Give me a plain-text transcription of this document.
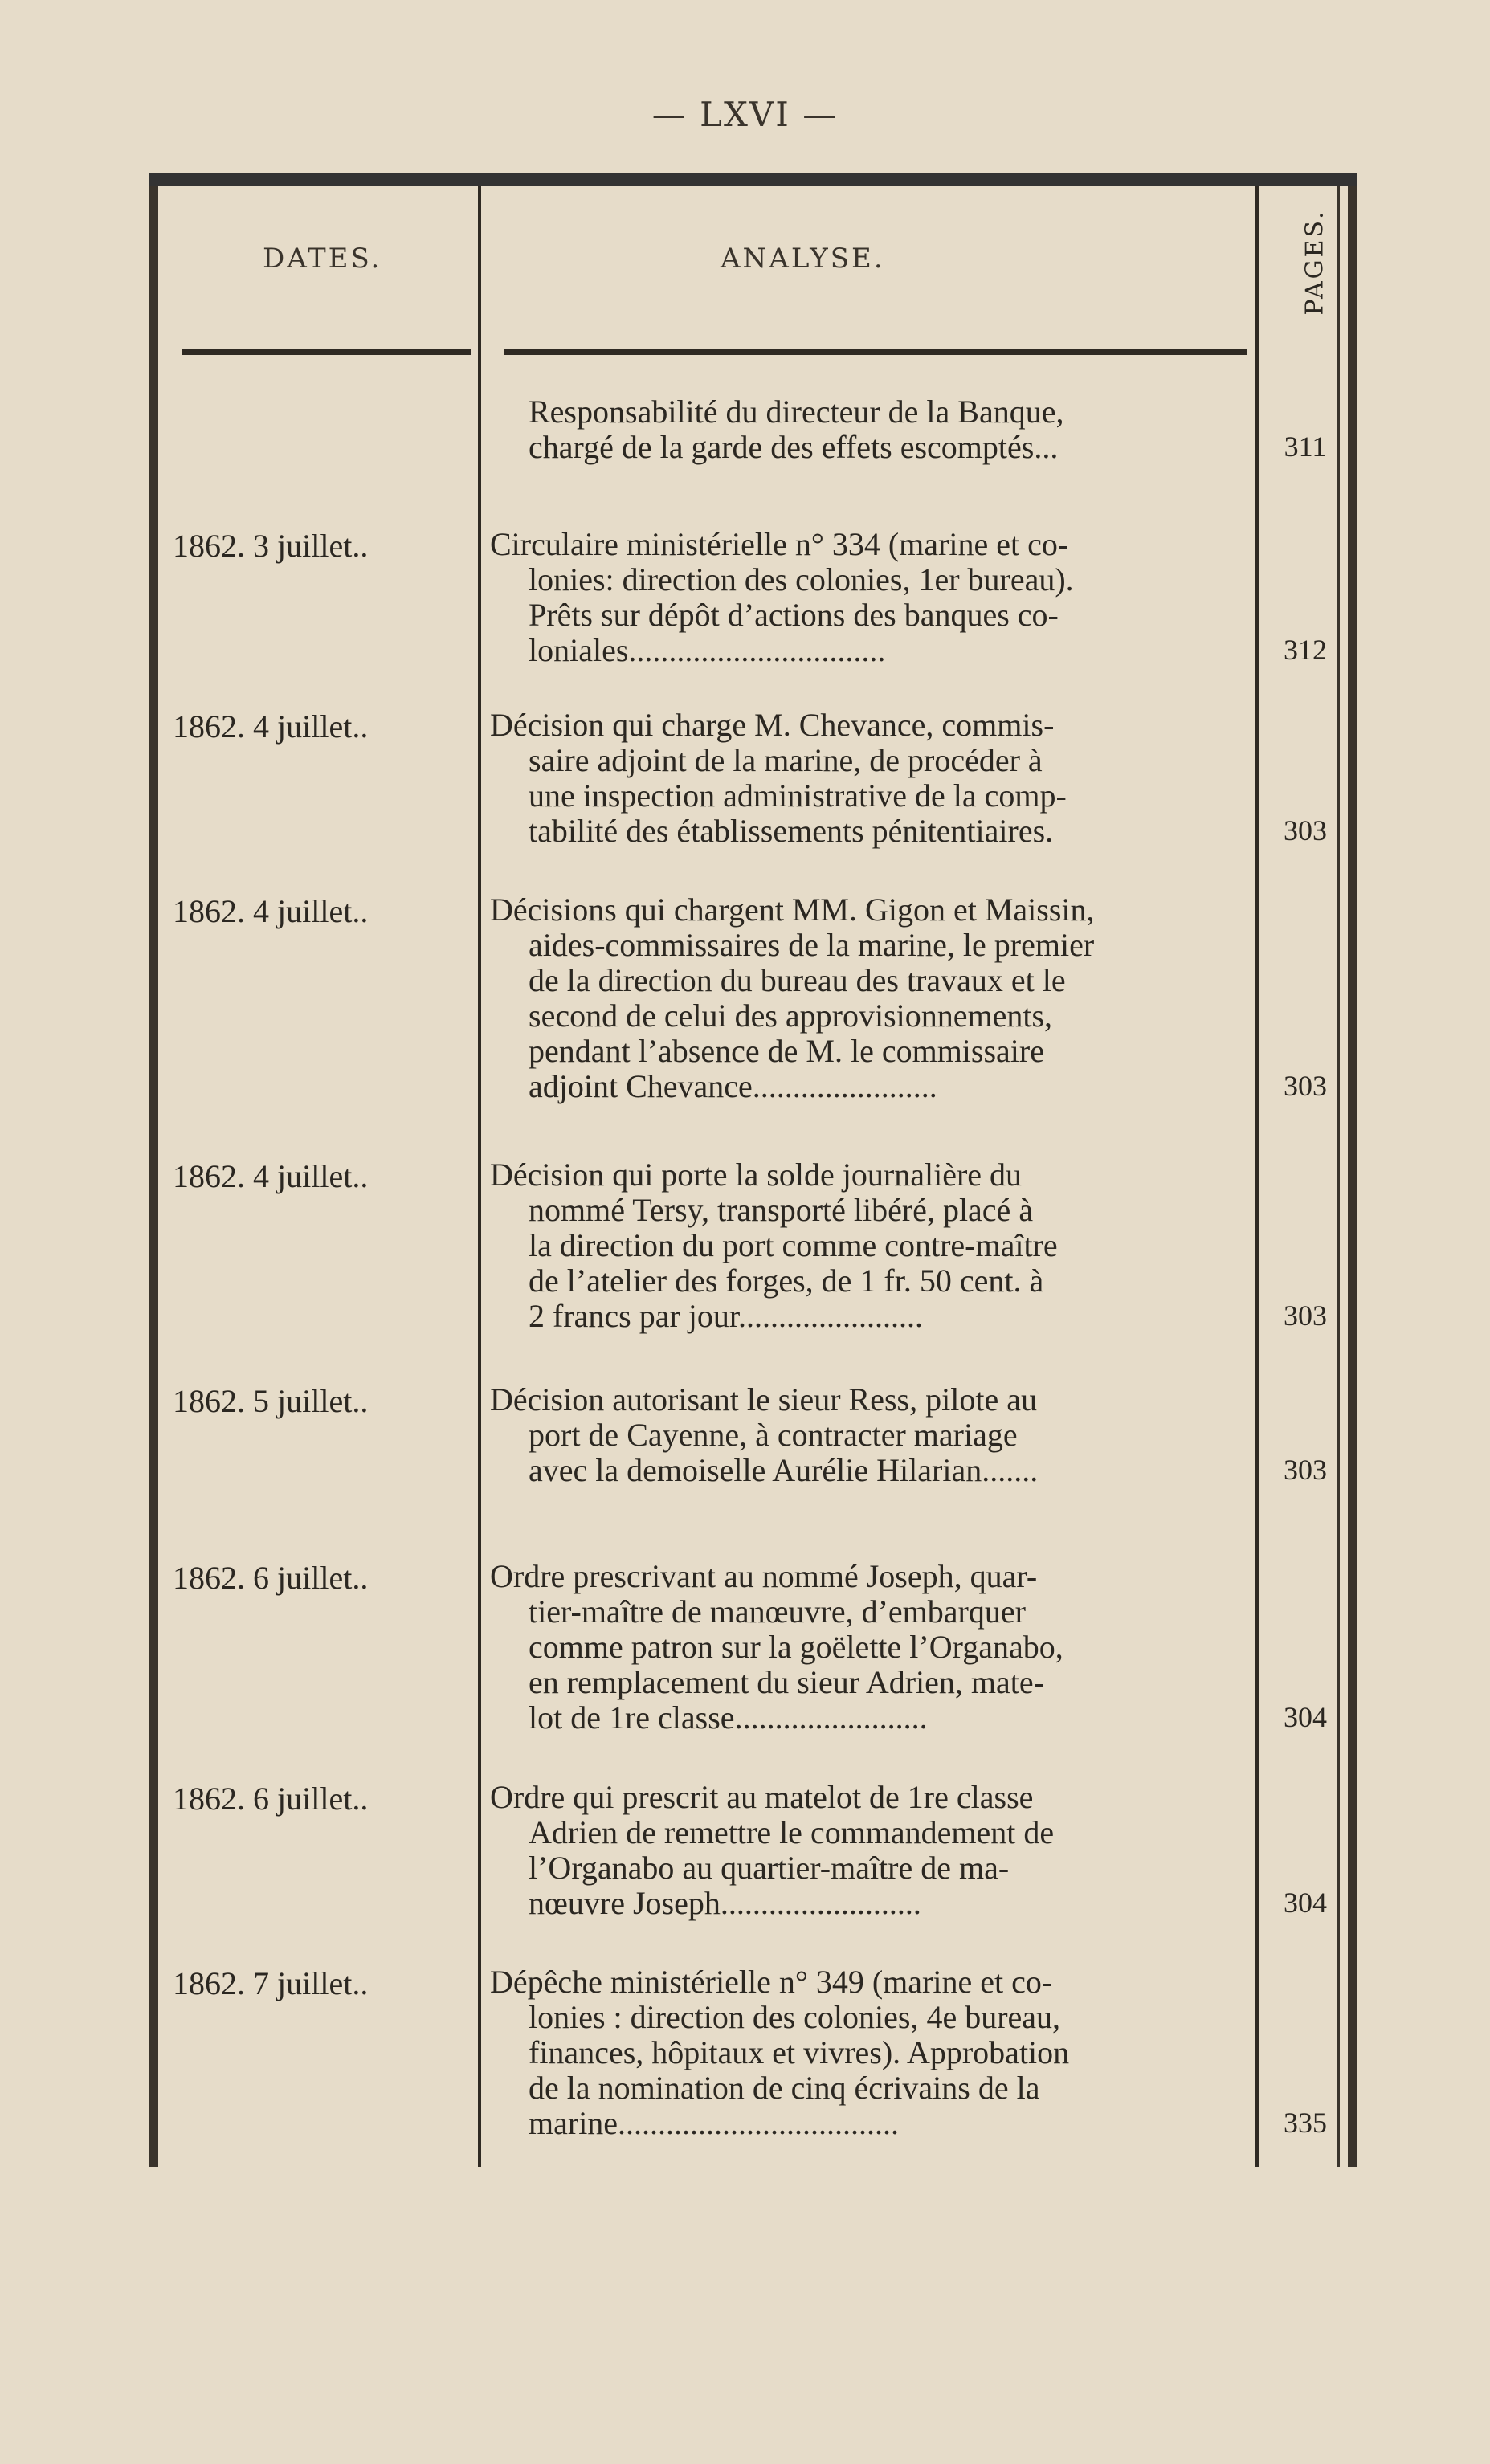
— LXVI —
DATES.	ANALYSE.	PAGES.

Responsabilité du directeur de la Banque,

chargé de la garde des effets escomptés...	311
1862. 3 juillet..	Circulaire ministérielle n° 334 (marine et co-

lonies: direction des colonies, 1er bureau).

Prêts sur dépôt d’actions des banques co-

loniales................................	312
1862. 4 juillet..	Décision qui charge M. Chevance, commis-

saire adjoint de la marine, de procéder à

une inspection administrative de la comp-

tabilité des établissements pénitentiaires.	303
1862. 4 juillet..	Décisions qui chargent MM. Gigon et Maissin,

aides-commissaires de la marine, le premier

de la direction du bureau des travaux et le

second de celui des approvisionnements,

pendant l’absence de M. le commissaire

adjoint Chevance.......................	303
1862. 4 juillet..	Décision qui porte la solde journalière du

nommé Tersy, transporté libéré, placé à

la direction du port comme contre-maître

de l’atelier des forges, de 1 fr. 50 cent. à

2 francs par jour.......................	303
1862. 5 juillet..	Décision autorisant le sieur Ress, pilote au

port de Cayenne, à contracter mariage

avec la demoiselle Aurélie Hilarian.......	303
1862. 6 juillet..	Ordre prescrivant au nommé Joseph, quar-

tier-maître de manœuvre, d’embarquer

comme patron sur la goëlette l’Organabo,

en remplacement du sieur Adrien, mate-

lot de 1re classe........................	304
1862. 6 juillet..	Ordre qui prescrit au matelot de 1re classe

Adrien de remettre le commandement de

l’Organabo au quartier-maître de ma-

nœuvre Joseph.........................	304
1862. 7 juillet..	Dépêche ministérielle n° 349 (marine et co-

lonies : direction des colonies, 4e bureau,

finances, hôpitaux et vivres). Approbation

de la nomination de cinq écrivains de la

marine...................................	335
